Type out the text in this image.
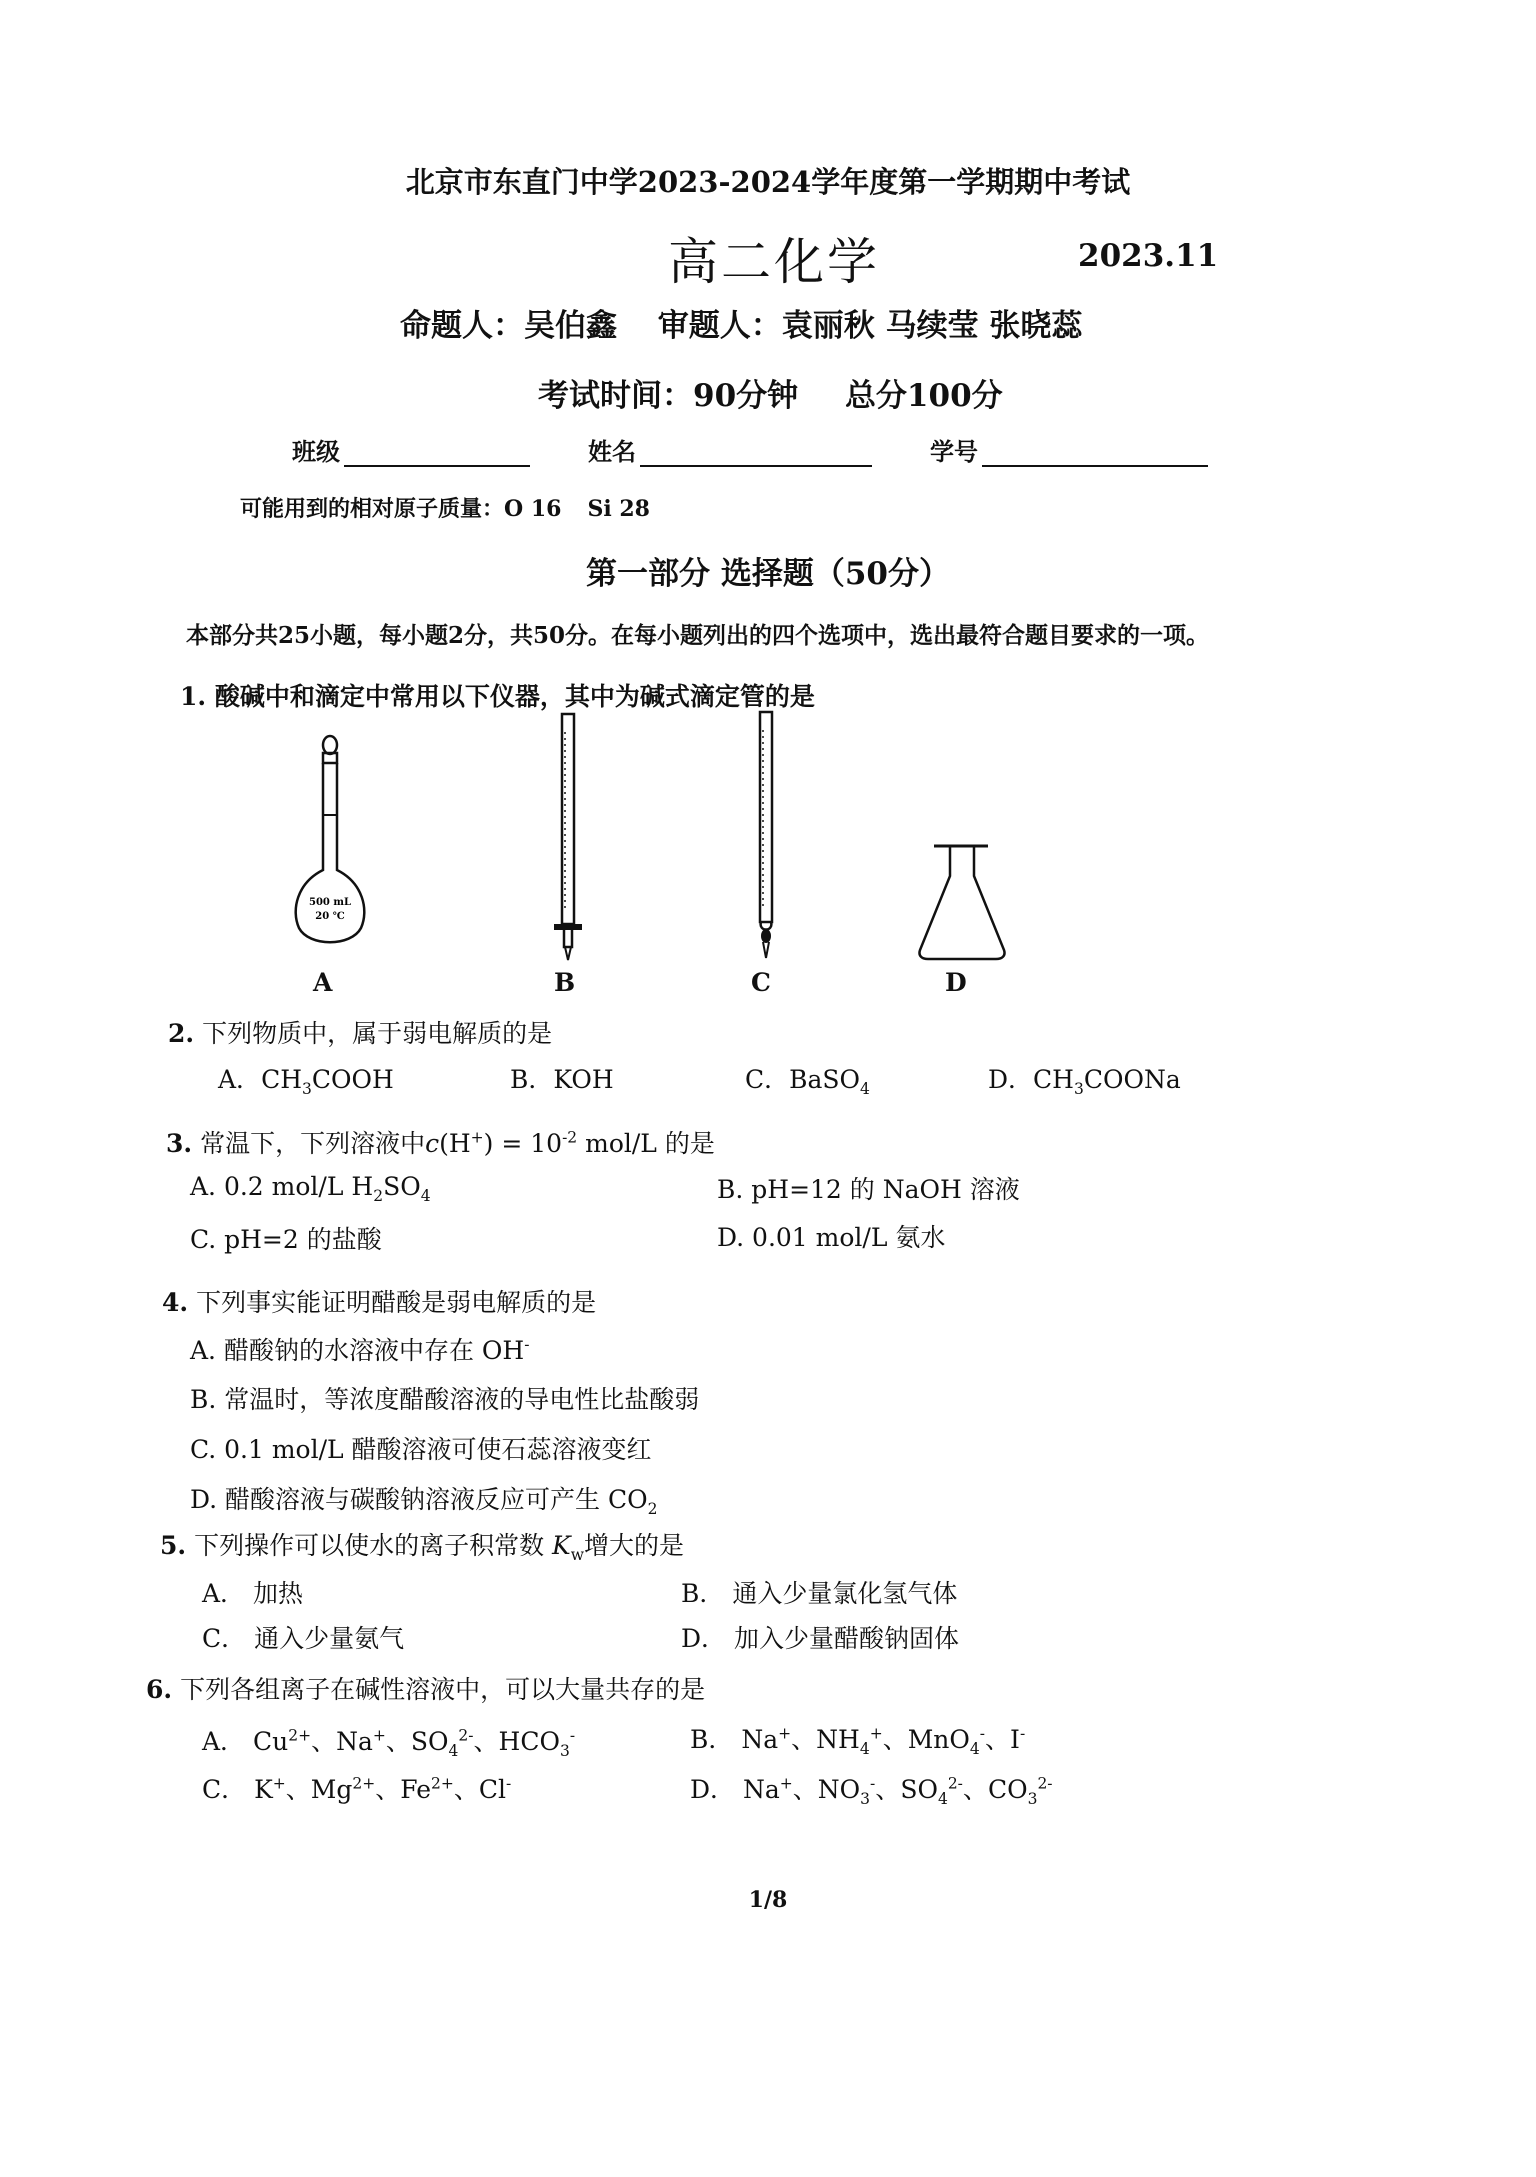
北京市东直门中学2023-2024学年度第一学期期中考试
高二化学	2023.11
命题人：吴伯鑫 审题人：袁丽秋 马续莹 张晓蕊
考试时间：90分钟 总分100分
班级	姓名	学号
可能用到的相对原子质量：O 16 Si 28
第一部分 选择题（50分）
本部分共25小题，每小题2分，共50分。在每小题列出的四个选项中，选出最符合题目要求的一项。
1. 酸碱中和滴定中常用以下仪器，其中为碱式滴定管的是
500 mL
20 ℃
A	B	C	D
2. 下列物质中，属于弱电解质的是
A．$CH_3COOH$	B．KOH	C．BaSO$_4$	D．$CH_3COONa$
3. 常温下，下列溶液中$c(H^+) = 10^{-2}$ mol/L 的是
A. 0.2 mol/L $H_2SO_4$	B. pH=12 的 NaOH 溶液
C. pH=2 的盐酸	D. 0.01 mol/L 氨水
4. 下列事实能证明醋酸是弱电解质的是
A. 醋酸钠的水溶液中存在 OH-
B. 常温时，等浓度醋酸溶液的导电性比盐酸弱
C. 0.1 mol/L 醋酸溶液可使石蕊溶液变红
D. 醋酸溶液与碳酸钠溶液反应可产生 $CO_2$
5. 下列操作可以使水的离子积常数 $K_w$增大的是
A． 加热	B． 通入少量氯化氢气体
C． 通入少量氨气	D． 加入少量醋酸钠固体
6. 下列各组离子在碱性溶液中，可以大量共存的是
A． $Cu^{2+}$、Na+、$SO_4^{2-}$、$HCO_3^-$	B． Na+、$NH_4^+$、MnO$_4$-、I-
C． K+、$Mg^{2+}$、$Fe^{2+}$、Cl-	D． Na+、$NO_3^-$、$SO_4^{2-}$、$CO_3^{2-}$
1/8
